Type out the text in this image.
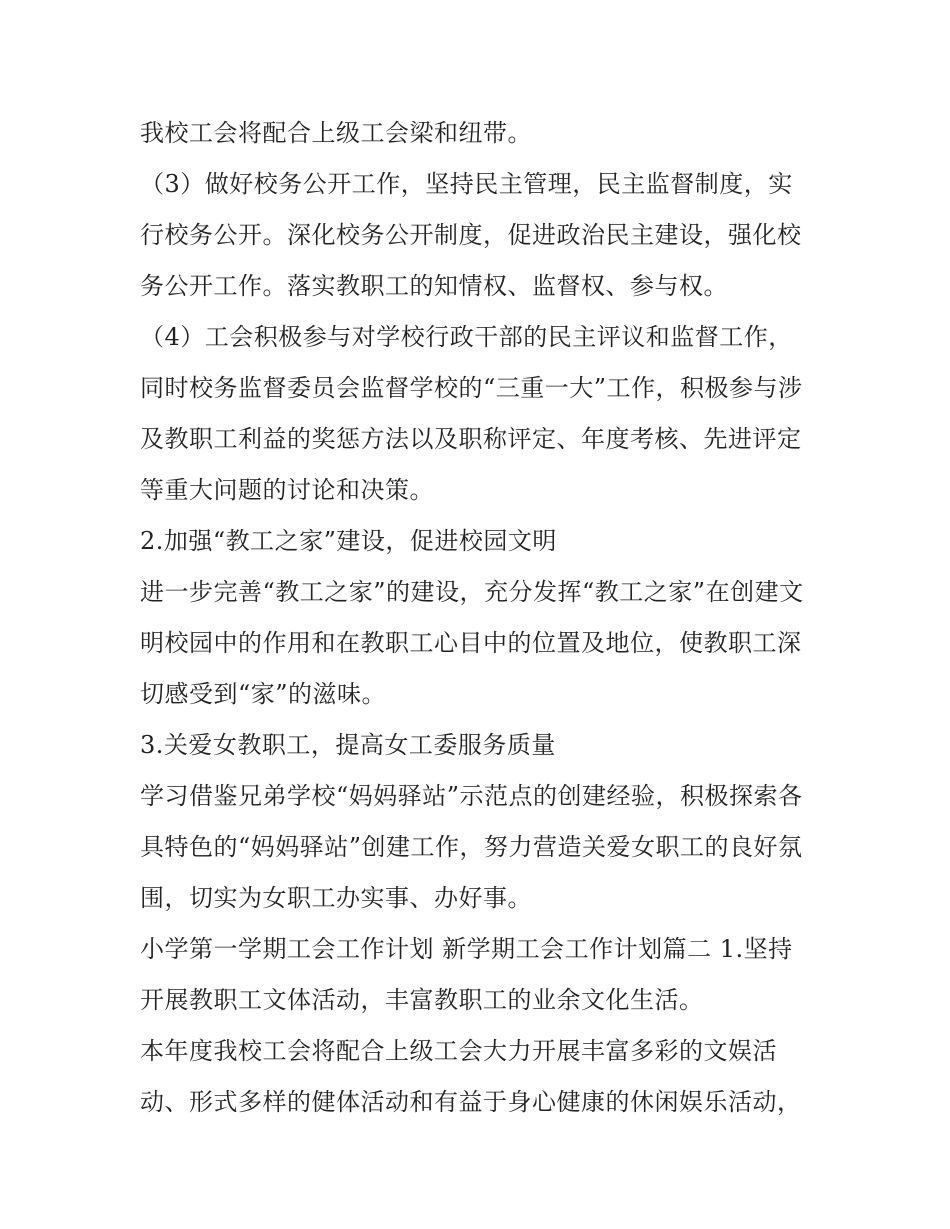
我校工会将配合上级工会梁和纽带。
（3）做好校务公开工作，坚持民主管理，民主监督制度，实
行校务公开。深化校务公开制度，促进政治民主建设，强化校
务公开工作。落实教职工的知情权、监督权、参与权。
（4）工会积极参与对学校行政干部的民主评议和监督工作，
同时校务监督委员会监督学校的“三重一大”工作，积极参与涉
及教职工利益的奖惩方法以及职称评定、年度考核、先进评定
等重大问题的讨论和决策。
2.加强“教工之家”建设，促进校园文明
进一步完善“教工之家”的建设，充分发挥“教工之家”在创建文
明校园中的作用和在教职工心目中的位置及地位，使教职工深
切感受到“家”的滋味。
3.关爱女教职工，提高女工委服务质量
学习借鉴兄弟学校“妈妈驿站”示范点的创建经验，积极探索各
具特色的“妈妈驿站”创建工作，努力营造关爱女职工的良好氛
围，切实为女职工办实事、办好事。
小学第一学期工会工作计划 新学期工会工作计划篇二 1.坚持
开展教职工文体活动，丰富教职工的业余文化生活。
本年度我校工会将配合上级工会大力开展丰富多彩的文娱活
动、形式多样的健体活动和有益于身心健康的休闲娱乐活动，
